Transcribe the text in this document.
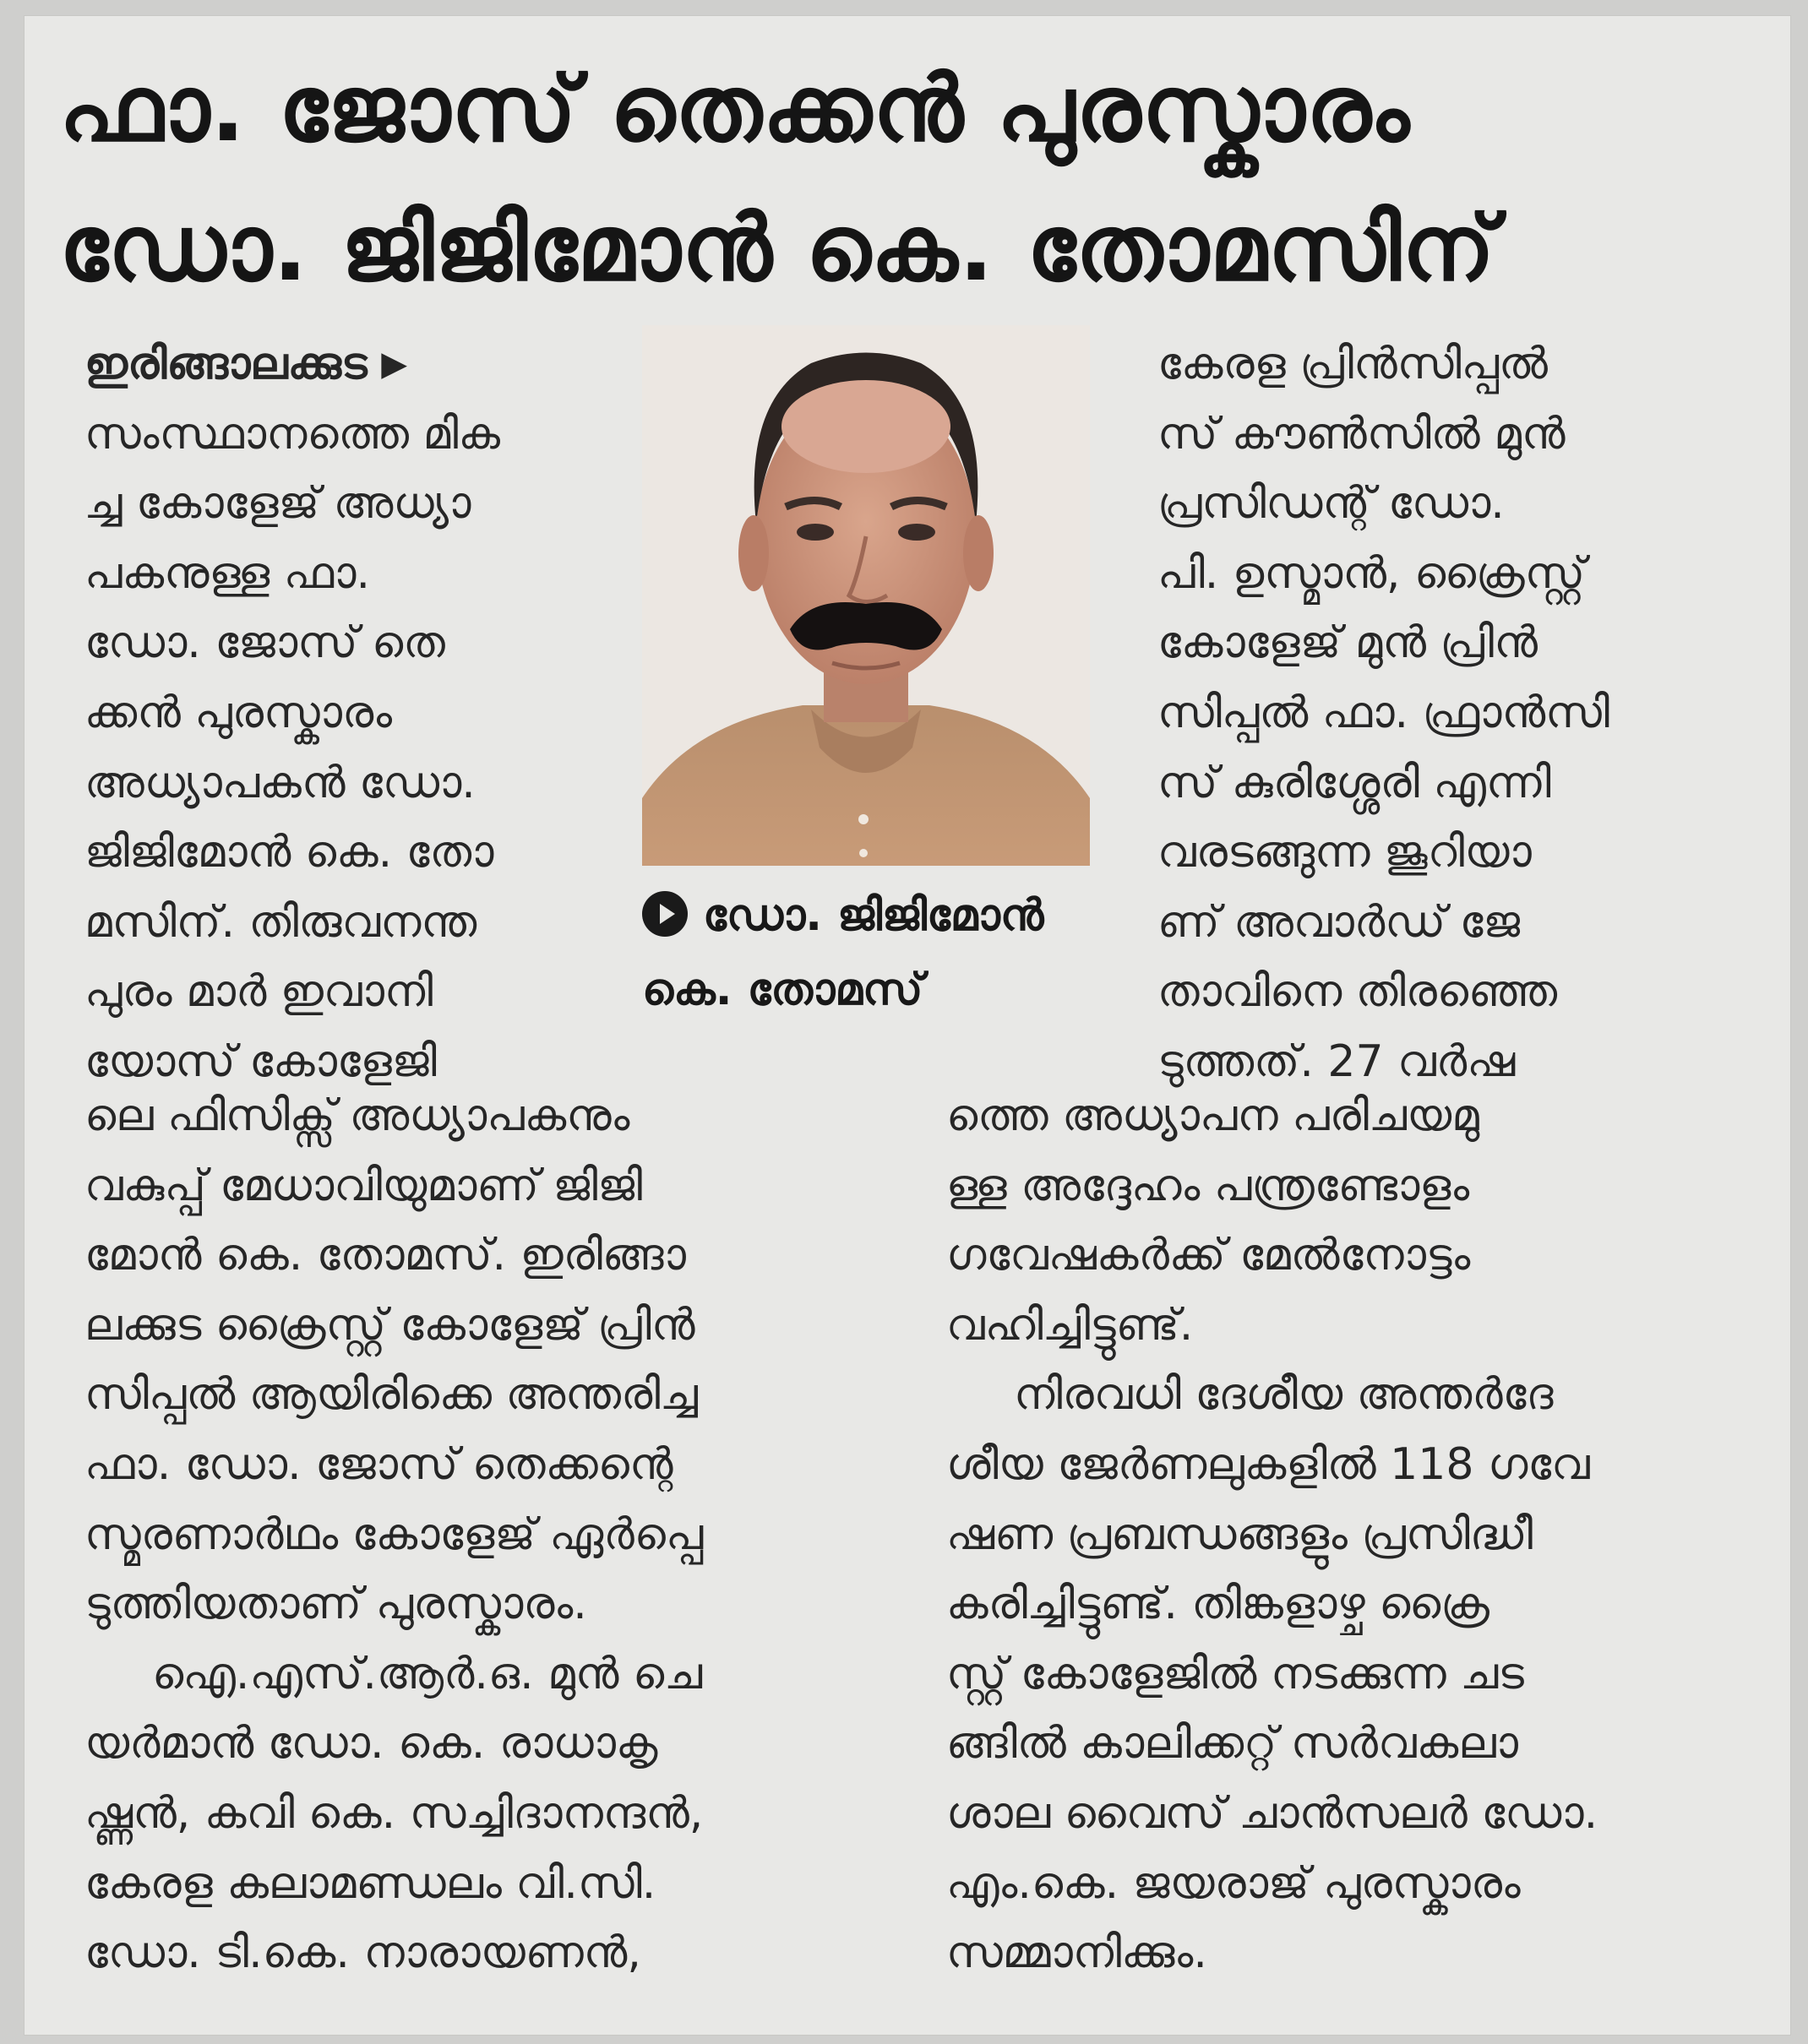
ഫാ. ജോസ് തെക്കൻ പുരസ്കാരം
ഡോ. ജിജിമോൻ കെ. തോമസിന്
ഇരിങ്ങാലക്കുട ▶
സംസ്ഥാനത്തെ മിക
ച്ച കോളേജ് അധ്യാ
പകനുള്ള ഫാ.
ഡോ. ജോസ് തെ
ക്കൻ പുരസ്കാരം
അധ്യാപകൻ ഡോ.
ജിജിമോൻ കെ. തോ
മസിന്. തിരുവനന്ത
പുരം മാർ ഇവാനി
യോസ് കോളേജി
ലെ ഫിസിക്സ് അധ്യാപകനും
വകുപ്പ് മേധാവിയുമാണ് ജിജി
മോൻ കെ. തോമസ്. ഇരിങ്ങാ
ലക്കുട ക്രൈസ്റ്റ് കോളേജ് പ്രിൻ
സിപ്പൽ ആയിരിക്കെ അന്തരിച്ച
ഫാ. ഡോ. ജോസ് തെക്കന്റെ
സ്മരണാർഥം കോളേജ് ഏർപ്പെ
ടുത്തിയതാണ് പുരസ്കാരം.
ഐ.എസ്.ആർ.ഒ. മുൻ ചെ
യർമാൻ ഡോ. കെ. രാധാകൃ
ഷ്ണൻ, കവി കെ. സച്ചിദാനന്ദൻ,
കേരള കലാമണ്ഡലം വി.സി.
ഡോ. ടി.കെ. നാരായണൻ,
ഡോ. ജിജിമോൻ
കെ. തോമസ്
കേരള പ്രിൻസിപ്പൽ
സ് കൗൺസിൽ മുൻ
പ്രസിഡന്റ് ഡോ.
പി. ഉസ്മാൻ, ക്രൈസ്റ്റ്
കോളേജ് മുൻ പ്രിൻ
സിപ്പൽ ഫാ. ഫ്രാൻസി
സ് കുരിശ്ശേരി എന്നി
വരടങ്ങുന്ന ജൂറിയാ
ണ് അവാർഡ് ജേ
താവിനെ തിരഞ്ഞെ
ടുത്തത്. 27 വർഷ
ത്തെ അധ്യാപന പരിചയമു
ള്ള അദ്ദേഹം പന്ത്രണ്ടോളം
ഗവേഷകർക്ക് മേൽനോട്ടം
വഹിച്ചിട്ടുണ്ട്.
നിരവധി ദേശീയ അന്തർദേ
ശീയ ജേർണലുകളിൽ 118 ഗവേ
ഷണ പ്രബന്ധങ്ങളും പ്രസിദ്ധീ
കരിച്ചിട്ടുണ്ട്. തിങ്കളാഴ്ച ക്രൈ
സ്റ്റ് കോളേജിൽ നടക്കുന്ന ചട
ങ്ങിൽ കാലിക്കറ്റ് സർവകലാ
ശാല വൈസ് ചാൻസലർ ഡോ.
എം.കെ. ജയരാജ് പുരസ്കാരം
സമ്മാനിക്കും.
